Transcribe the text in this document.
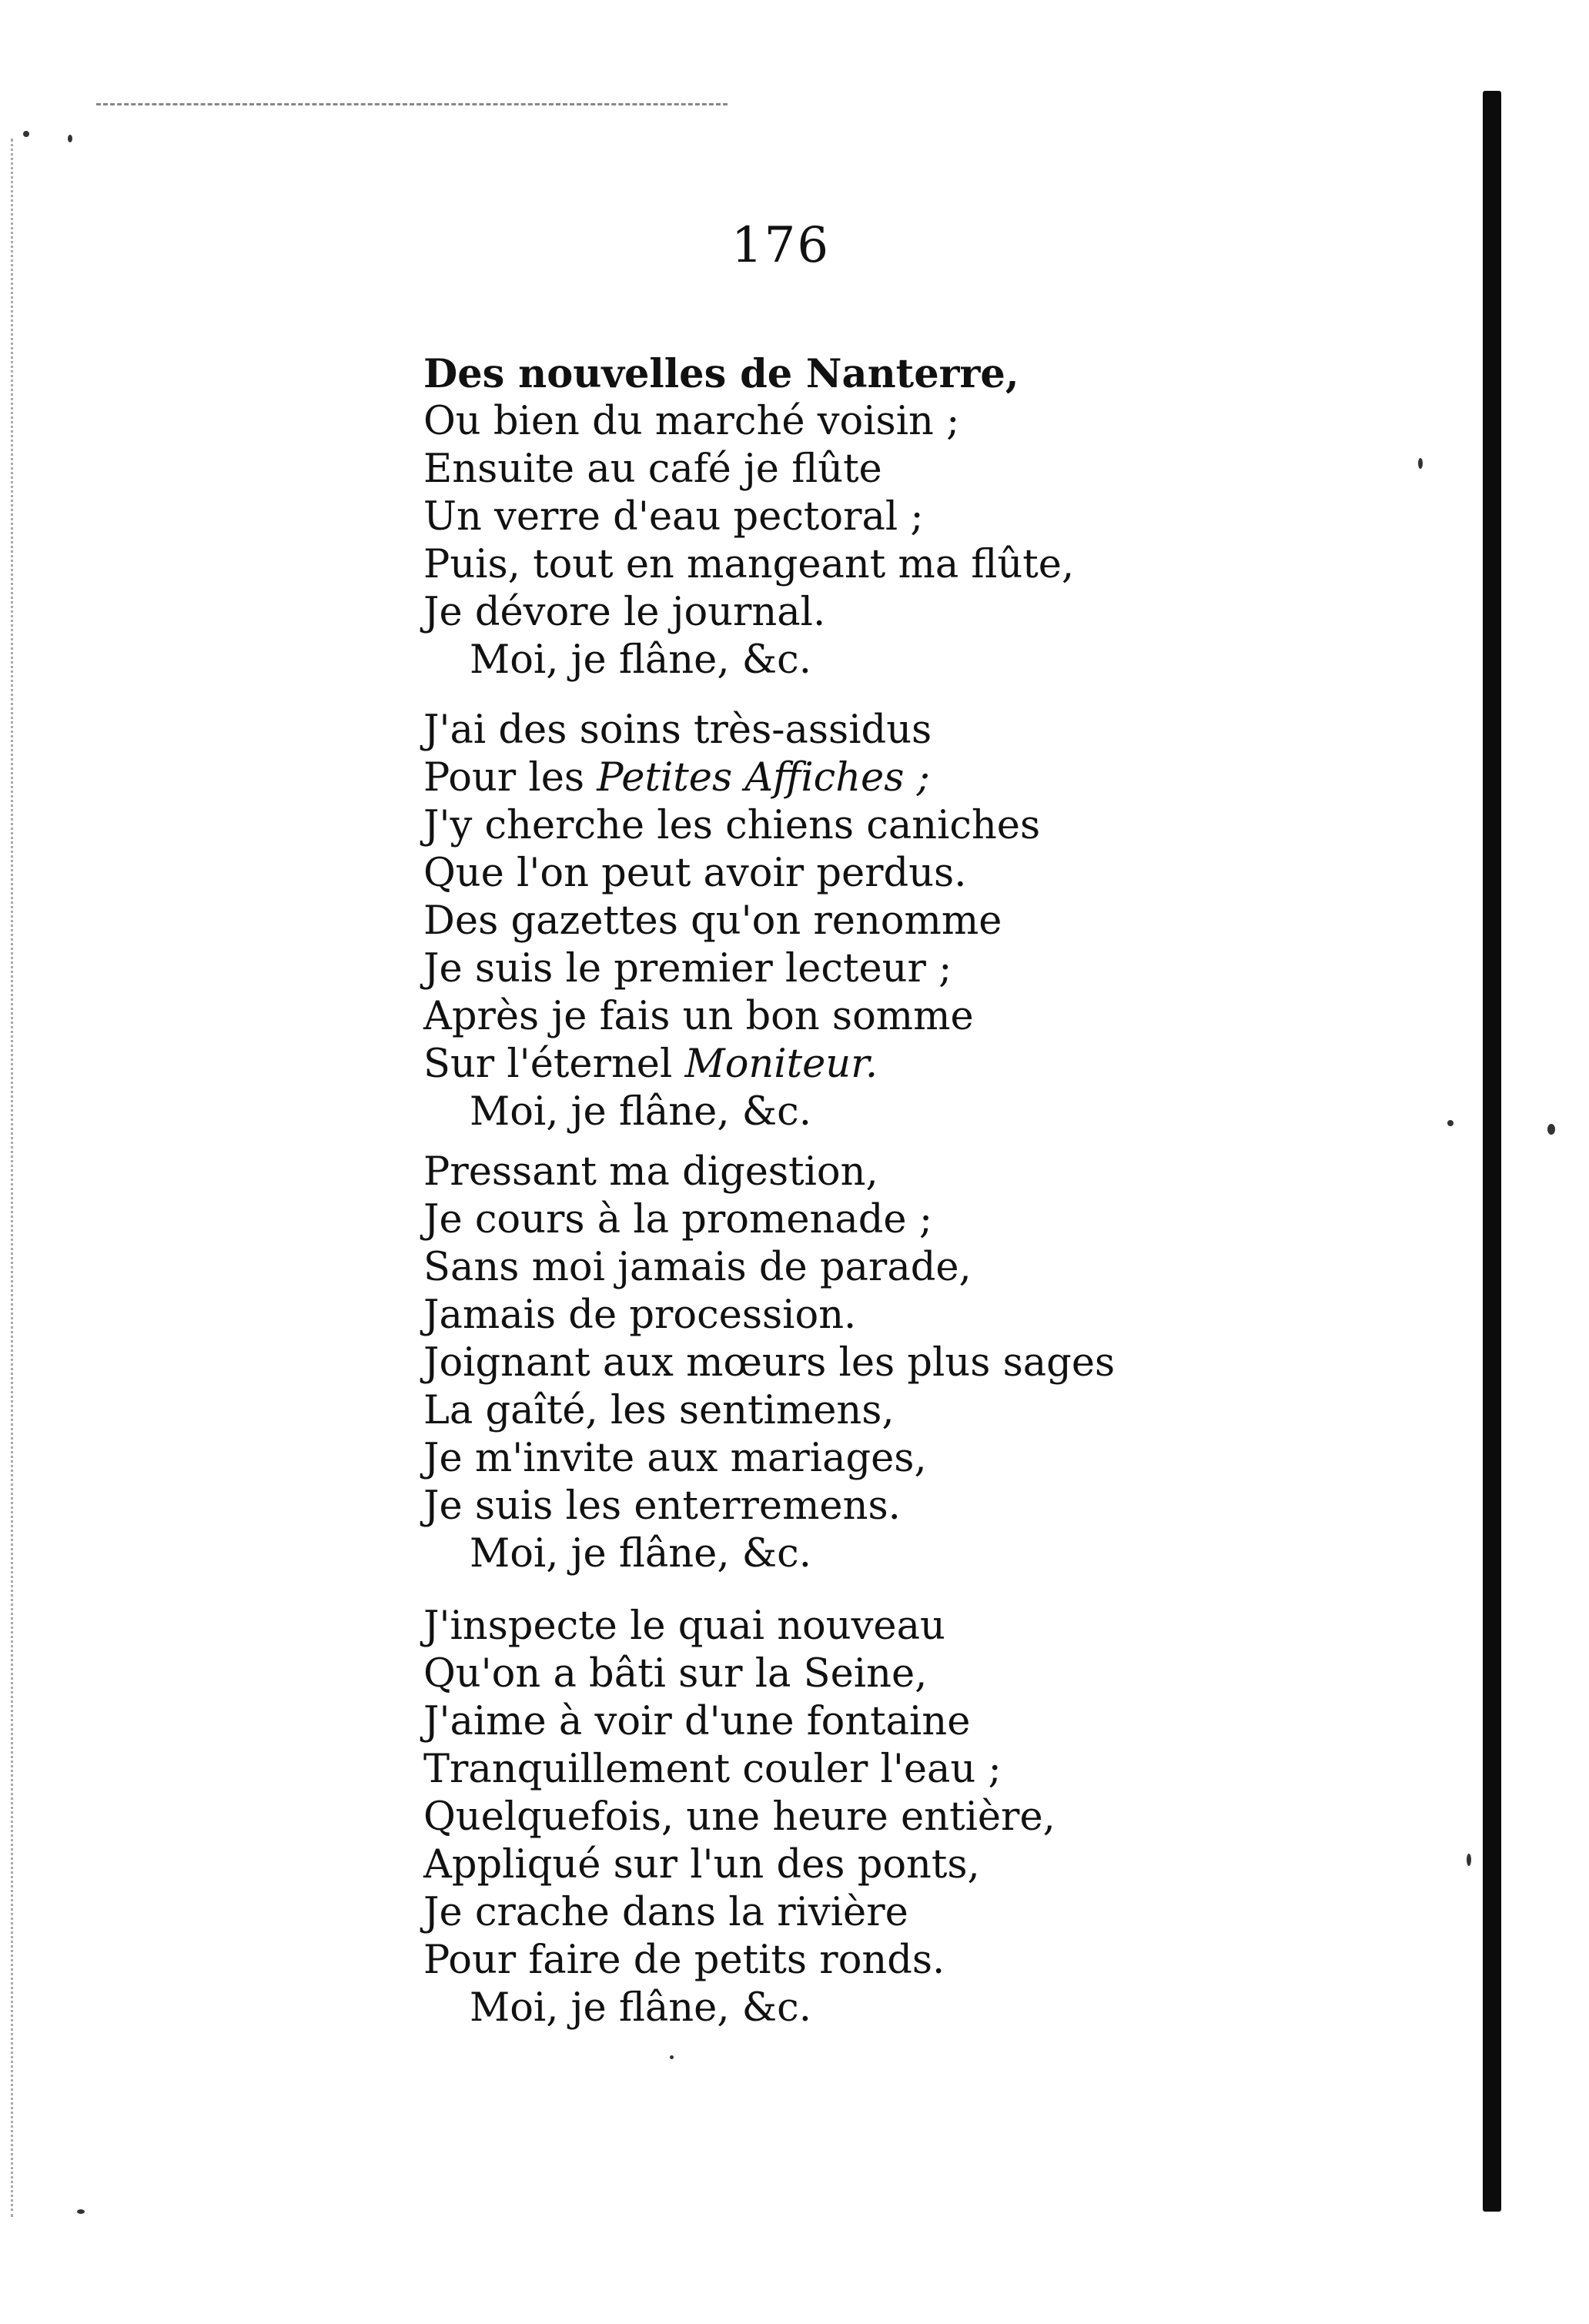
176
Des nouvelles de Nanterre,
Ou bien du marché voisin ;
Ensuite au café je flûte
Un verre d'eau pectoral ;
Puis, tout en mangeant ma flûte,
Je dévore le journal.
Moi, je flâne, &c.
J'ai des soins très-assidus
Pour les Petites Affiches ;
J'y cherche les chiens caniches
Que l'on peut avoir perdus.
Des gazettes qu'on renomme
Je suis le premier lecteur ;
Après je fais un bon somme
Sur l'éternel Moniteur.
Moi, je flâne, &c.
Pressant ma digestion,
Je cours à la promenade ;
Sans moi jamais de parade,
Jamais de procession.
Joignant aux mœurs les plus sages
La gaîté, les sentimens,
Je m'invite aux mariages,
Je suis les enterremens.
Moi, je flâne, &c.
J'inspecte le quai nouveau
Qu'on a bâti sur la Seine,
J'aime à voir d'une fontaine
Tranquillement couler l'eau ;
Quelquefois, une heure entière,
Appliqué sur l'un des ponts,
Je crache dans la rivière
Pour faire de petits ronds.
Moi, je flâne, &c.
